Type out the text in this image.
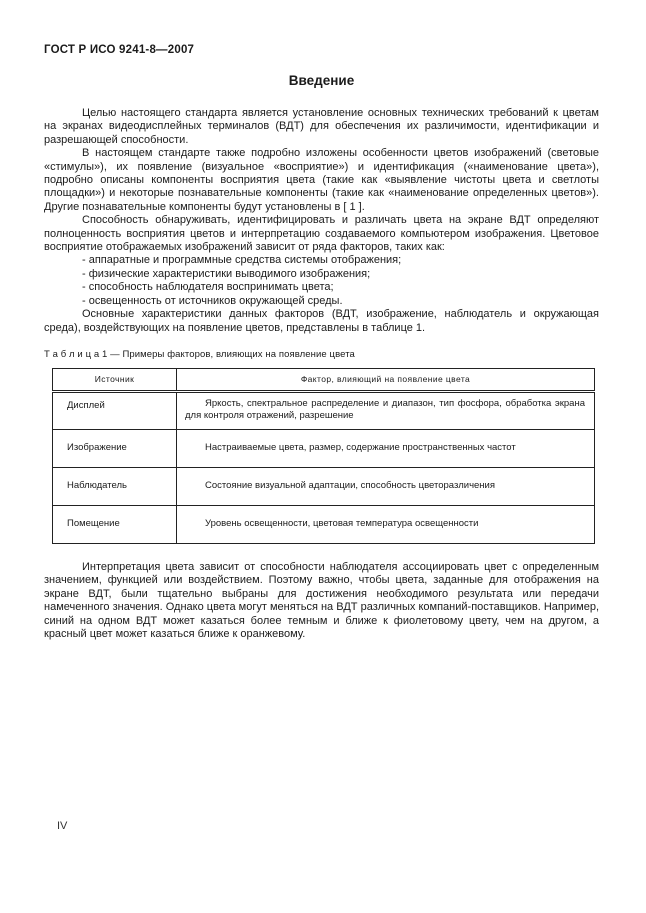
ГОСТ Р ИСО 9241-8—2007
Введение

Целью настоящего стандарта является установление основных технических требований к цветам на экранах видеодисплейных терминалов (ВДТ) для обеспечения их различимости, идентификации и разрешающей способности.

В настоящем стандарте также подробно изложены особенности цветов изображений (световые «стимулы»), их появление (визуальное «восприятие») и идентификация («наименование цвета»), подробно описаны компоненты восприятия цвета (такие как «выявление чистоты цвета и светлоты площадки») и некоторые познавательные компоненты (такие как «наименование определенных цветов»). Другие познавательные компоненты будут установлены в [ 1 ].

Способность обнаруживать, идентифицировать и различать цвета на экране ВДТ определяют полноценность восприятия цветов и интерпретацию создаваемого компьютером изображения. Цветовое восприятие отображаемых изображений зависит от ряда факторов, таких как:

- аппаратные и программные средства системы отображения;

- физические характеристики выводимого изображения;

- способность наблюдателя воспринимать цвета;

- освещенность от источников окружающей среды.

Основные характеристики данных факторов (ВДТ, изображение, наблюдатель и окружающая среда), воздействующих на появление цветов, представлены в таблице 1.

Т а б л и ц а 1 — Примеры факторов, влияющих на появление цвета

Источник	Фактор, влияющий на появление цвета
Дисплей	Яркость, спектральное распределение и диапазон, тип фосфора, обработка экрана для контроля отражений, разрешение
Изображение	Настраиваемые цвета, размер, содержание пространственных частот
Наблюдатель	Состояние визуальной адаптации, способность цветоразличения
Помещение	Уровень освещенности, цветовая температура освещенности

Интерпретация цвета зависит от способности наблюдателя ассоциировать цвет с определенным значением, функцией или воздействием. Поэтому важно, чтобы цвета, заданные для отображения на экране ВДТ, были тщательно выбраны для достижения необходимого результата или передачи намеченного значения. Однако цвета могут меняться на ВДТ различных компаний-поставщиков. Например, синий на одном ВДТ может казаться более темным и ближе к фиолетовому цвету, чем на другом, а красный цвет может казаться ближе к оранжевому.

IV
